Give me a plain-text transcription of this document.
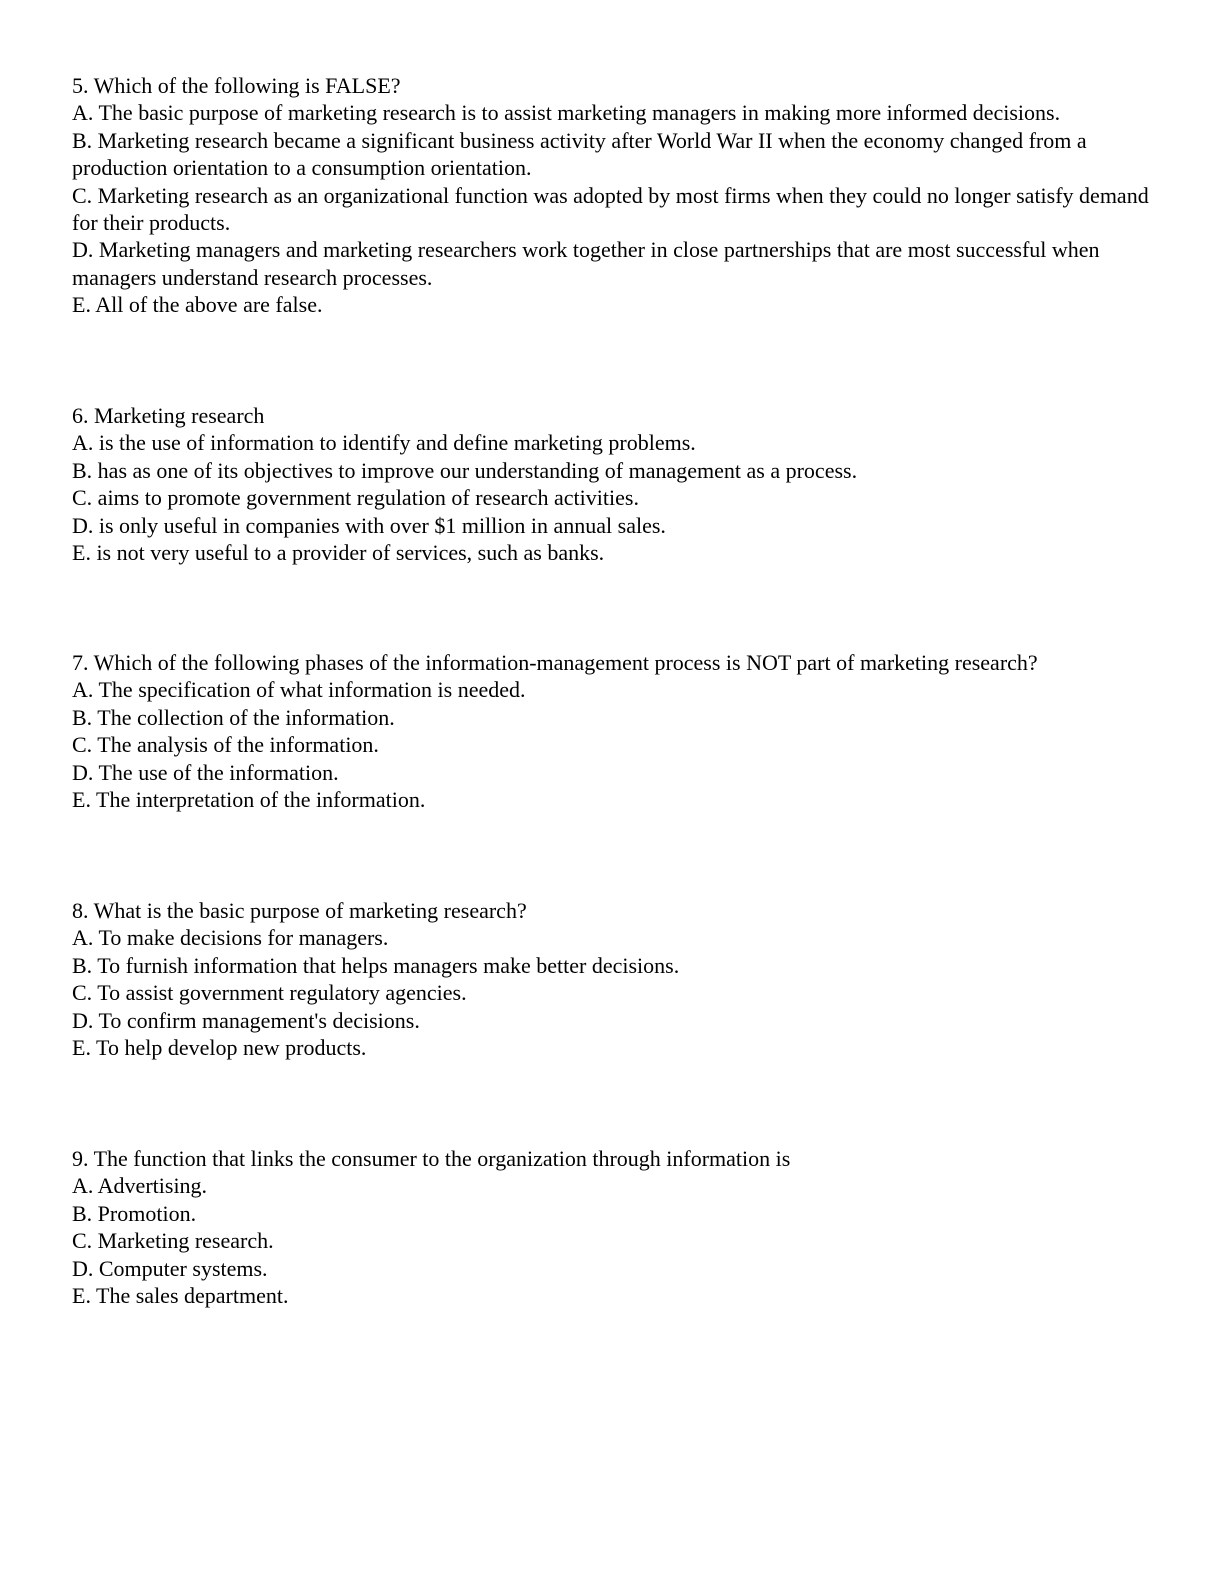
5. Which of the following is FALSE?

A. The basic purpose of marketing research is to assist marketing managers in making more informed decisions.

B. Marketing research became a significant business activity after World War II when the economy changed from a production orientation to a consumption orientation.

C. Marketing research as an organizational function was adopted by most firms when they could no longer satisfy demand for their products.

D. Marketing managers and marketing researchers work together in close partnerships that are most successful when managers understand research processes.

E. All of the above are false.

6. Marketing research

A. is the use of information to identify and define marketing problems.

B. has as one of its objectives to improve our understanding of management as a process.

C. aims to promote government regulation of research activities.

D. is only useful in companies with over $1 million in annual sales.

E. is not very useful to a provider of services, such as banks.

7. Which of the following phases of the information-management process is NOT part of marketing research?

A. The specification of what information is needed.

B. The collection of the information.

C. The analysis of the information.

D. The use of the information.

E. The interpretation of the information.

8. What is the basic purpose of marketing research?

A. To make decisions for managers.

B. To furnish information that helps managers make better decisions.

C. To assist government regulatory agencies.

D. To confirm management's decisions.

E. To help develop new products.

9. The function that links the consumer to the organization through information is

A. Advertising.

B. Promotion.

C. Marketing research.

D. Computer systems.

E. The sales department.
